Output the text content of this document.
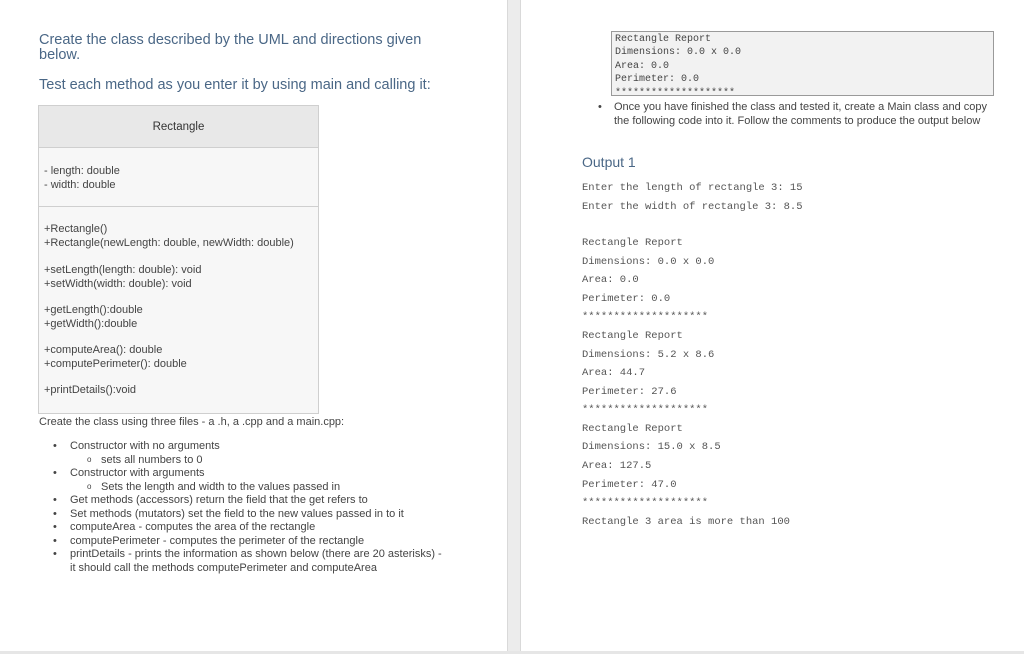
Create the class described by the UML and directions given
below.
Test each method as you enter it by using main and calling it:
Rectangle
- length: double
- width: double
+Rectangle()
+Rectangle(newLength: double, newWidth: double)
+setLength(length: double): void
+setWidth(width: double): void
+getLength():double
+getWidth():double
+computeArea(): double
+computePerimeter(): double
+printDetails():void
Create the class using three files - a .h, a .cpp and a main.cpp:
• Constructor with no arguments
o sets all numbers to 0
• Constructor with arguments
o Sets the length and width to the values passed in
• Get methods (accessors) return the field that the get refers to
• Set methods (mutators) set the field to the new values passed in to it
• computeArea - computes the area of the rectangle
• computePerimeter - computes the perimeter of the rectangle
• printDetails - prints the information as shown below (there are 20 asterisks) - it should call the methods computePerimeter and computeArea
Rectangle Report
Dimensions: 0.0 x 0.0
Area: 0.0
Perimeter: 0.0
********************
• Once you have finished the class and tested it, create a Main class and copy the following code into it. Follow the comments to produce the output below
Output 1
Enter the length of rectangle 3: 15
Enter the width of rectangle 3: 8.5
Rectangle Report
Dimensions: 0.0 x 0.0
Area: 0.0
Perimeter: 0.0
********************
Rectangle Report
Dimensions: 5.2 x 8.6
Area: 44.7
Perimeter: 27.6
********************
Rectangle Report
Dimensions: 15.0 x 8.5
Area: 127.5
Perimeter: 47.0
********************
Rectangle 3 area is more than 100
